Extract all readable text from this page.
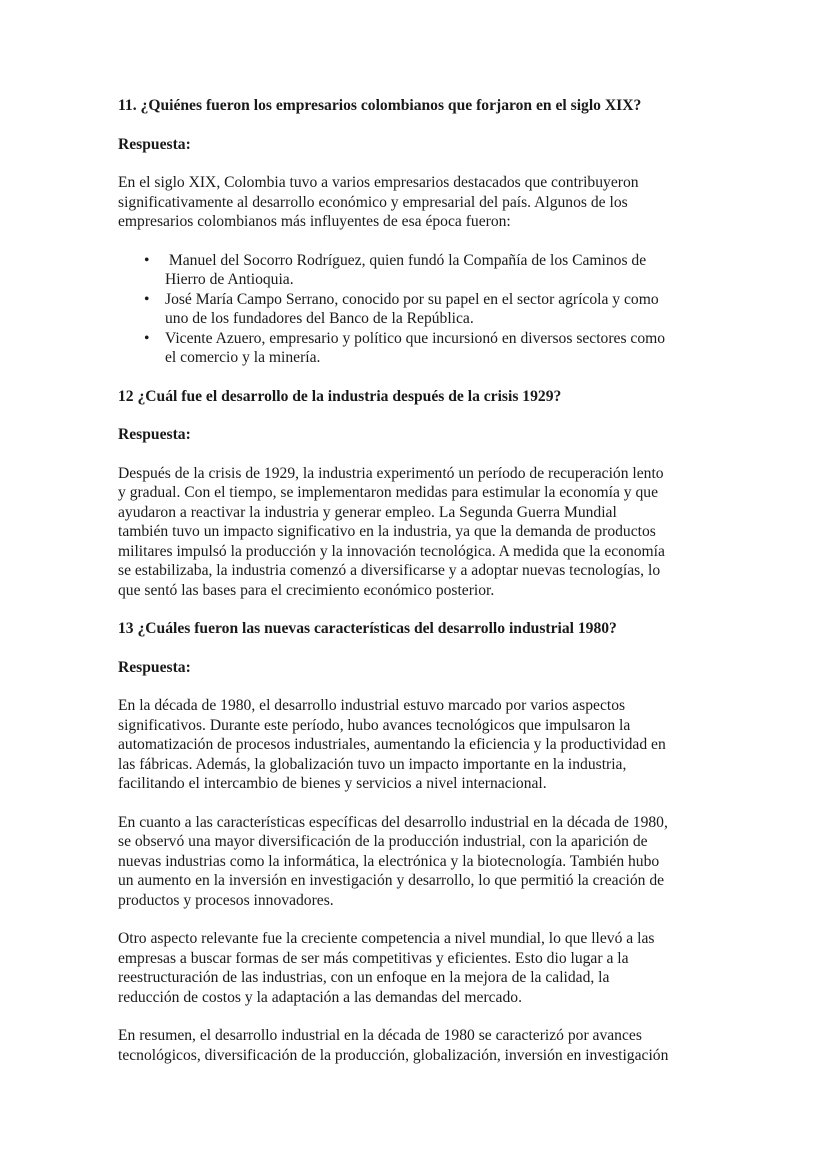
11. ¿Quiénes fueron los empresarios colombianos que forjaron en el siglo XIX?

Respuesta:

En el siglo XIX, Colombia tuvo a varios empresarios destacados que contribuyeron
significativamente al desarrollo económico y empresarial del país. Algunos de los
empresarios colombianos más influyentes de esa época fueron:

• Manuel del Socorro Rodríguez, quien fundó la Compañía de los Caminos de
Hierro de Antioquia.
• José María Campo Serrano, conocido por su papel en el sector agrícola y como
uno de los fundadores del Banco de la República.
• Vicente Azuero, empresario y político que incursionó en diversos sectores como
el comercio y la minería.

12 ¿Cuál fue el desarrollo de la industria después de la crisis 1929?

Respuesta:

Después de la crisis de 1929, la industria experimentó un período de recuperación lento
y gradual. Con el tiempo, se implementaron medidas para estimular la economía y que
ayudaron a reactivar la industria y generar empleo. La Segunda Guerra Mundial
también tuvo un impacto significativo en la industria, ya que la demanda de productos
militares impulsó la producción y la innovación tecnológica. A medida que la economía
se estabilizaba, la industria comenzó a diversificarse y a adoptar nuevas tecnologías, lo
que sentó las bases para el crecimiento económico posterior.

13 ¿Cuáles fueron las nuevas características del desarrollo industrial 1980?

Respuesta:

En la década de 1980, el desarrollo industrial estuvo marcado por varios aspectos
significativos. Durante este período, hubo avances tecnológicos que impulsaron la
automatización de procesos industriales, aumentando la eficiencia y la productividad en
las fábricas. Además, la globalización tuvo un impacto importante en la industria,
facilitando el intercambio de bienes y servicios a nivel internacional.

En cuanto a las características específicas del desarrollo industrial en la década de 1980,
se observó una mayor diversificación de la producción industrial, con la aparición de
nuevas industrias como la informática, la electrónica y la biotecnología. También hubo
un aumento en la inversión en investigación y desarrollo, lo que permitió la creación de
productos y procesos innovadores.

Otro aspecto relevante fue la creciente competencia a nivel mundial, lo que llevó a las
empresas a buscar formas de ser más competitivas y eficientes. Esto dio lugar a la
reestructuración de las industrias, con un enfoque en la mejora de la calidad, la
reducción de costos y la adaptación a las demandas del mercado.

En resumen, el desarrollo industrial en la década de 1980 se caracterizó por avances
tecnológicos, diversificación de la producción, globalización, inversión en investigación
